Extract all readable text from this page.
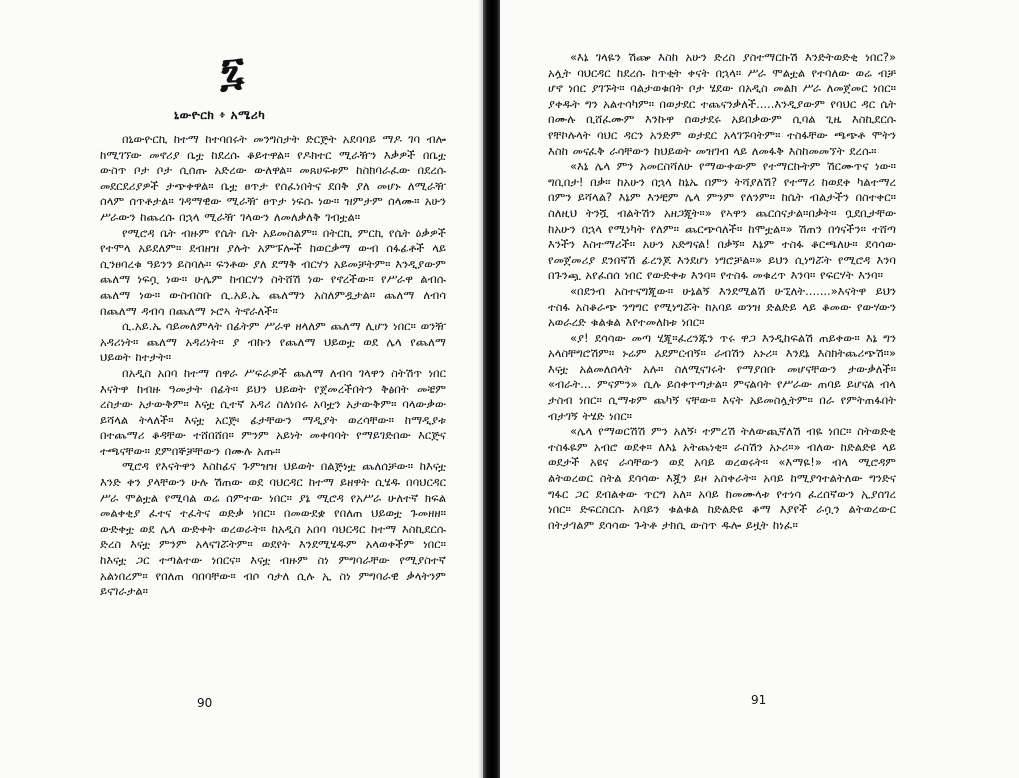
፯
ኒውዮርክ ፥ አሜሪካ

በኒውዮርኪ ከተማ ከተባበሩት መንግስታት ድርጅት አደባባይ ማዶ ገባ ብሎ ከሚገኘው መኖሪያ ቤቷ ከደረሱ ቆይተዋል። የዶክተር ሚራዥን እቃዎች በቤቷ ውስጥ ቦታ ቦታ ሲሰጡ አድረው ውለዋል። መጸሀፍቱም ከስክባራፈው በደረሱ መደርደሪያዎች ታጭቀዋል። ቤቷ ፀጥታ የሰፈነበትና ደበቅ ያለ መሆኑ ለሚራዥ ሰላም ሰጥቶታል። ገዳማዊው ሚራዥ ፀጥታ ነፍሱ ነው። ዝምታም ሰላሙ። አሁን ሥራውን ከጨረሱ በኋላ ሚራዥ ገላውን ለመለቃለቅ ገብቷል።

የሚሮዳ ቤት ብዙም የሴት ቤት አይመስልም። በትርኪ ምርኪ የሴት ዕቃዎች የተሞላ አይደለም። ደብዘዝ ያሉት አምፑሎች ከወርቃማ ውብ ሰፋፊቶች ላይ ሲንፀባረቁ ዓይንን ይስባሉ። ፍንቶው ያለ ደማቅ ብርሃን አይመቻትም። እንዲያውም ጨለማ ነፍሷ ነው። ሁሌም ከብርሃን ስትሸሽ ነው የኖረችው። የሥራዋ ልብሱ ጨለማ ነው። ውስብስቡ ሲ.አይ.ኤ ጨለማን አስለምዷታል። ጨለማ ለብሳ በጨለማ ዳብሳ በጨለማ ኑሮኣ ትኖራለች።

ሲ.አይ.ኤ ሳይመለምላት በፊትም ሥራዋ ዘላለም ጨለማ ሊሆን ነበር። ወንዥ አዳሪነት። ጨለማ አዳሪነት። ያ ብኩን የጨለማ ህይወቷ ወደ ሌላ የጨለማ ህይወት ከተታት።

በአዲስ አበባ ከተማ ሰዋራ ሥፍራዎች ጨለማ ለብሳ ገላዋን ስትሽጥ ነበር እናትዋ ከብዙ ዓመታት በፊት። ይህን ህይወት የጀመረችበትን ቅፅበት መቼም ረስታው አታውቅም። እናቷ ሲተኛ አዳሪ ስለነበሩ አባቷን አታውቅም። ባላውቃው ይሻላል ትላለች። እናቷ አርጅ፡ ፊታቸውን ማዲያት ወረሳቸው። ከማዲያቱ በተጨማሪ ቆዳቸው ተሸበሸበ። ምንም አይነት መቀባባት የማይገድበው እርጅና ተጫናቸው። ደምበኞቻቸውን በሙሉ አጡ።

ሚሮዳ የእናትዋን እስከፊና ጉምዝዝ ህይወት በልጅነቷ ጨለሰቻው። ከእናቷ እንድ ቀን ያላቸውን ሁሉ ሽጠው ወደ ባህርዳር ከተማ ይዘዋት ሲሄዱ በባህርዳር ሥራ ሞልቷል የሚባል ወሬ ሰምተው ነበር። ያኔ ሚሮዳ የአሥራ ሁለተኛ ክፍል መልቀቂያ ፈተና ተፈትና ወድቃ ነበር። በመውደቋ የበለጠ ህይወቷ ጉመዘዘ። ውድቀቷ ወደ ሌላ ውድቀት ወረወራት። ከአዲስ አበባ ባህርዳር ከተማ እስኪደርሱ ድረስ እናቷ ምንም አላናገሯትም። ወደየት እንደሚሄዱም አላወቀችም ነበር። ከእናቷ ጋር ተጣልተው ነበርና። እናቷ ብዙም ስነ ምግባራቸው የሚያስተኛ አልነበረም። የበለጠ ባበባቸው። ብሶ ሳታለ ሲሉ ኢ ስነ ምግባራዊ ቃላትንም ይናገራታል።

«እኔ ገላዬን ሽጬ እስከ አሁን ድረስ ያስተማርኩሽ እንድትወድቂ ነበር?» አሏት ባህርዳር ከደረሱ ከጥቂት ቀናት በኋላ። ሥራ ሞልቷል የተባለው ወሬ ብቻ ሆኖ ነበር ያገኙት። ባልታወቁበት ቦታ ሄደው በአዲስ መልክ ሥራ ለመጀመር ነበር። ያቀዱት ግን አልተሳካም። በወታደር ተጨናንቃለች.....እንዲያውም የባህር ዳር ሴት በሙሉ ቢሸፈሙም እንኩዋ ሰወታደሩ አይበቃውም ሲባል ጊዜ እስኪደርሱ የቸኮሉላት ባህር ዳርን አንድም ወታደር አላገኙባትም። ተስፋቸው ጫጭቶ ሞትን እስከ መናፈቅ ራሳቸውን ከህይወት መዝገብ ላይ ለመፋቅ እስከመመኘት ደረሱ።

«እኔ ሌላ ምን አመርስሻለሁ የማውቀውም የተማርኩትም ሽርሙጥና ነው። ግቢበታ! በቃ። ከአሁን በኋላ ከኔኤ በምን ትሻያለሽ? የተማሪ ከወደቀ ካልተማረ በምን ይሻላል? እኔም እንቺም ሌላ ምንም የለንም። ከሴት ብልታችን በስተቀር። ስለዚህ ትንሿ ብልትሽን አዘጋጂት።» የኣዋን ጨርሰናታል።በቃት። ቧደቢታቸው ከአሁን በኋላ የሚነካት የለም። ጨርጭሳለች። ከሞቷል።» ሽጠን በጎናችን። ተሸጣ እንችን እስተማሪች። አሁን አድግናል! በቃኝ። እኔም ተስፋ ቆርጫለሁ። ደሳሳው የመጀመሪያ ደንበኛሽ ፊረንጆ እንደሆነ ነግሮቻል።» ይህን ሲነግሯት የሚሮዳ እንባ በጉንጯ አየፈሰሰ ነበር የውድቀቱ እንባ። የተስፋ መቁረጥ እንባ። የፍርሃት እንባ።

«በደንብ አስተናግጂው። ሁኔልኝ እንደሚልሽ ሁኚለት.......»እናትዋ ይህን ተስፋ አስቆራጭ ንግግር የሚነግሯት ከአባይ ወንዝ ድልድይ ላይ ቆመው የውሃውን አወራረድ ቁልቁል እየተመለከቱ ነበር።

«ያ! ደሳሳው መጣ ሂጂ።ፈረንጁን ጥሩ ዋጋ እንዲከፍልሽ ጠይቀው። እኔ ግን አላስቸግሮሽም። ኑሬም አደምርብኝ። ራብሽን አኑሪ። እንደኔ እስክትጨሪጭሽ።» እናቷ አልመለሰላት አሉ። ስለሚናገሩት የማያበቡ መሆናቸውን ታውቃለች። «ብራት... ምናምን» ሲሉ ይሰቀጥጣታል። ምናልባት የሥራው ጠባይ ይሆናል ብላ ታስብ ነበር። ሲማቱም ጨካኝ ናቸው። እናት አይመስሏትም። በራ የምትጠፋበት ብታገኝ ትሄድ ነበር።

«ሌላ የማወርሽሽ ምን አለኝ፡ ተምረሽ ትለውጪኛለሽ ብዬ ነበር። ስትወድቂ ተስፋዬም አብሮ ወደቀ። ለእኔ አትጨነቂ። ራስሽን አኑሪ።» ብለው ከድልድዩ ላይ ወደታች አዩና ራሳቸውን ወደ አባይ ወረወሩት። «እማዬ!» ብላ ሚሮዳም ልትወረወር ስትል ደሳሳው እጇን ይዞ አስቀራት። አባይ ከሚያጎተልትለው ግንድና ግፋር ጋር ደብልቀው ጥርግ አለ። አባይ ከመሙላቱ የተነሳ ፈረሰኛውን ኢያሰገረ ነበር። ድፍርስርሱ አባይን ቁልቁል ከድልድዩ ቆማ እያየች ራሷን ልትወረውር በትታገልም ደሳሳው ጉትቶ ታክሲ ውስጥ ዱሎ ይዟት ከነፈ።

90	91
